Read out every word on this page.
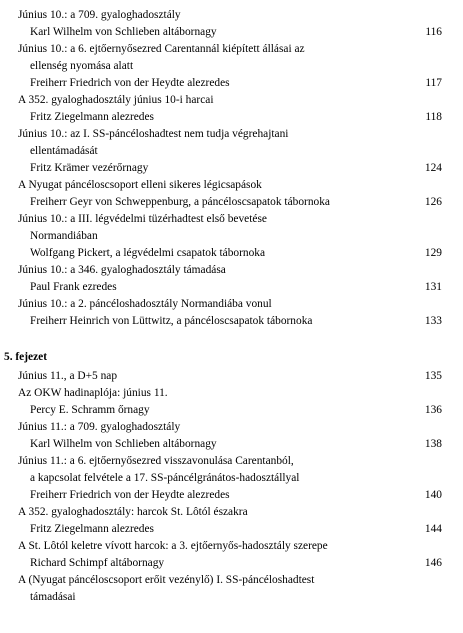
Június 10.: a 709. gyaloghadosztály
Karl Wilhelm von Schlieben altábornagy	116
Június 10.: a 6. ejtőernyősezred Carentannál kiépített állásai az
ellenség nyomása alatt
Freiherr Friedrich von der Heydte alezredes	117
A 352. gyaloghadosztály június 10-i harcai
Fritz Ziegelmann alezredes	118
Június 10.: az I. SS-páncéloshadtest nem tudja végrehajtani
ellentámadását
Fritz Krämer vezérőrnagy	124
A Nyugat páncéloscsoport elleni sikeres légicsapások
Freiherr Geyr von Schweppenburg, a páncéloscsapatok tábornoka	126
Június 10.: a III. légvédelmi tüzérhadtest első bevetése
Normandiában
Wolfgang Pickert, a légvédelmi csapatok tábornoka	129
Június 10.: a 346. gyaloghadosztály támadása
Paul Frank ezredes	131
Június 10.: a 2. páncéloshadosztály Normandiába vonul
Freiherr Heinrich von Lüttwitz, a páncéloscsapatok tábornoka	133
5. fejezet
Június 11., a D+5 nap	135
Az OKW hadinaplója: június 11.
Percy E. Schramm őrnagy	136
Június 11.: a 709. gyaloghadosztály
Karl Wilhelm von Schlieben altábornagy	138
Június 11.: a 6. ejtőernyősezred visszavonulása Carentanból,
a kapcsolat felvétele a 17. SS-páncélgránátos-hadosztállyal
Freiherr Friedrich von der Heydte alezredes	140
A 352. gyaloghadosztály: harcok St. Lôtól északra
Fritz Ziegelmann alezredes	144
A St. Lôtól keletre vívott harcok: a 3. ejtőernyős-hadosztály szerepe
Richard Schimpf altábornagy	146
A (Nyugat páncéloscsoport erőit vezénylő) I. SS-páncéloshadtest
támadásai
